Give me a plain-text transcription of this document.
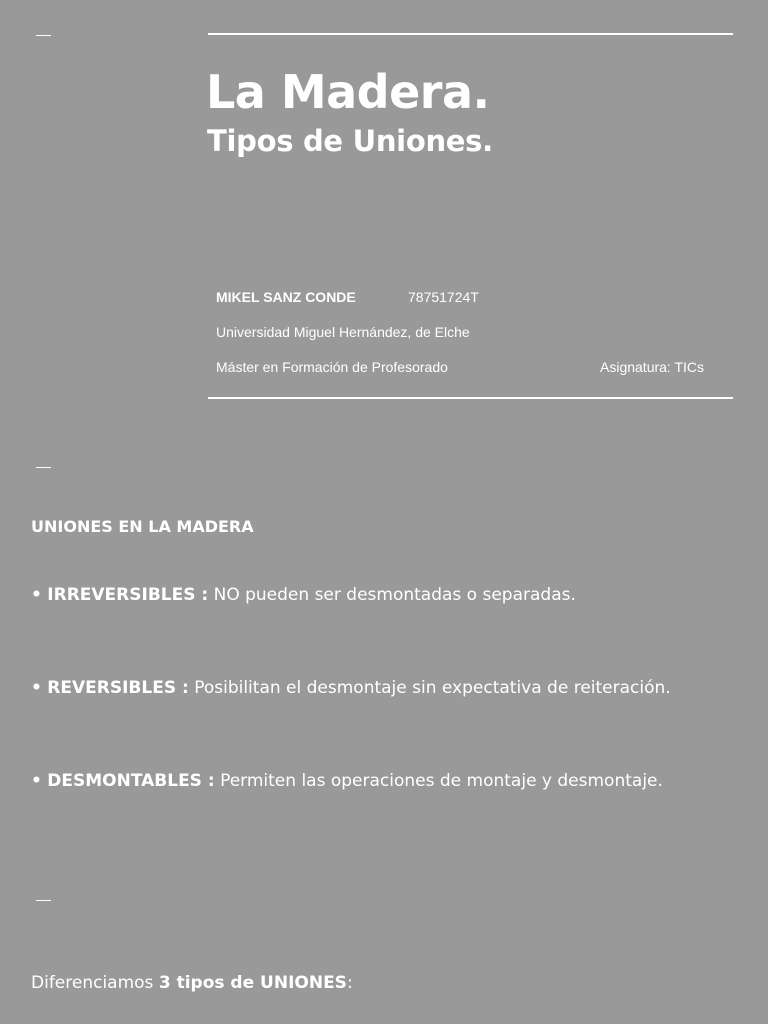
La Madera.
Tipos de Uniones.
MIKEL SANZ CONDE	78751724T
Universidad Miguel Hernández, de Elche
Máster en Formación de Profesorado	Asignatura: TICs
UNIONES EN LA MADERA

• IRREVERSIBLES : NO pueden ser desmontadas o separadas.

• REVERSIBLES : Posibilitan el desmontaje sin expectativa de reiteración.

• DESMONTABLES : Permiten las operaciones de montaje y desmontaje.

Diferenciamos 3 tipos de UNIONES:
